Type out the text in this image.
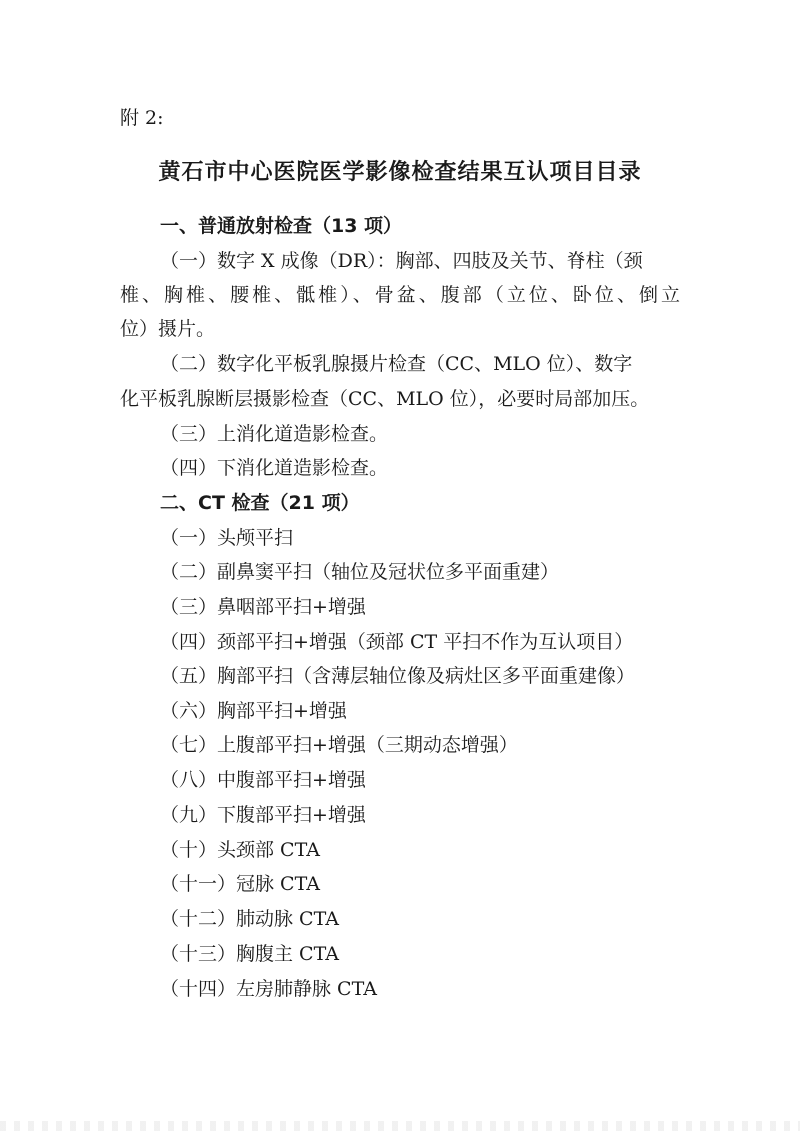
附 2:
黄石市中心医院医学影像检查结果互认项目目录
一、普通放射检查（13 项）
（一）数字 X 成像（DR）：胸部、四肢及关节、脊柱（颈
椎、胸椎、腰椎、骶椎）、骨盆、腹部（立位、卧位、倒立
位）摄片。
（二）数字化平板乳腺摄片检查（CC、MLO 位）、数字
化平板乳腺断层摄影检查（CC、MLO 位），必要时局部加压。
（三）上消化道造影检查。
（四）下消化道造影检查。
二、CT 检查（21 项）
（一）头颅平扫
（二）副鼻窦平扫（轴位及冠状位多平面重建）
（三）鼻咽部平扫+增强
（四）颈部平扫+增强（颈部 CT 平扫不作为互认项目）
（五）胸部平扫（含薄层轴位像及病灶区多平面重建像）
（六）胸部平扫+增强
（七）上腹部平扫+增强（三期动态增强）
（八）中腹部平扫+增强
（九）下腹部平扫+增强
（十）头颈部 CTA
（十一）冠脉 CTA
（十二）肺动脉 CTA
（十三）胸腹主 CTA
（十四）左房肺静脉 CTA
